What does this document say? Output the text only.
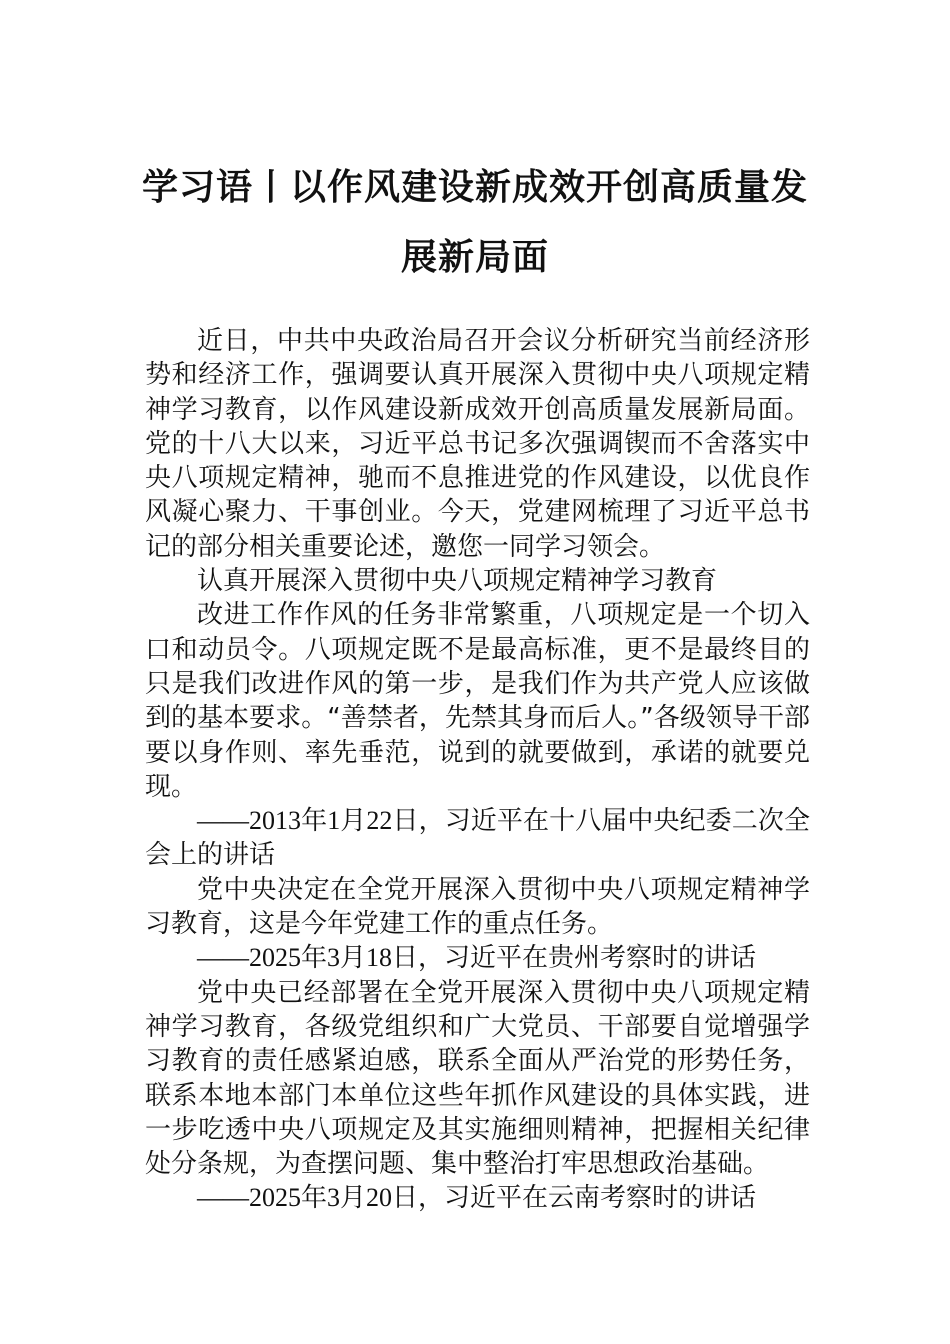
学习语丨以作风建设新成效开创高质量发
展新局面

近日，中共中央政治局召开会议分析研究当前经济形势和经济工作，强调要认真开展深入贯彻中央八项规定精神学习教育，以作风建设新成效开创高质量发展新局面。党的十八大以来，习近平总书记多次强调锲而不舍落实中央八项规定精神，驰而不息推进党的作风建设，以优良作风凝心聚力、干事创业。今天，党建网梳理了习近平总书记的部分相关重要论述，邀您一同学习领会。

认真开展深入贯彻中央八项规定精神学习教育

改进工作作风的任务非常繁重，八项规定是一个切入口和动员令。八项规定既不是最高标准，更不是最终目的只是我们改进作风的第一步，是我们作为共产党人应该做到的基本要求。“善禁者，先禁其身而后人。”各级领导干部要以身作则、率先垂范，说到的就要做到，承诺的就要兑现。

——2013年1月22日，习近平在十八届中央纪委二次全会上的讲话

党中央决定在全党开展深入贯彻中央八项规定精神学习教育，这是今年党建工作的重点任务。

——2025年3月18日，习近平在贵州考察时的讲话

党中央已经部署在全党开展深入贯彻中央八项规定精神学习教育，各级党组织和广大党员、干部要自觉增强学习教育的责任感紧迫感，联系全面从严治党的形势任务，联系本地本部门本单位这些年抓作风建设的具体实践，进一步吃透中央八项规定及其实施细则精神，把握相关纪律处分条规，为查摆问题、集中整治打牢思想政治基础。

——2025年3月20日，习近平在云南考察时的讲话
